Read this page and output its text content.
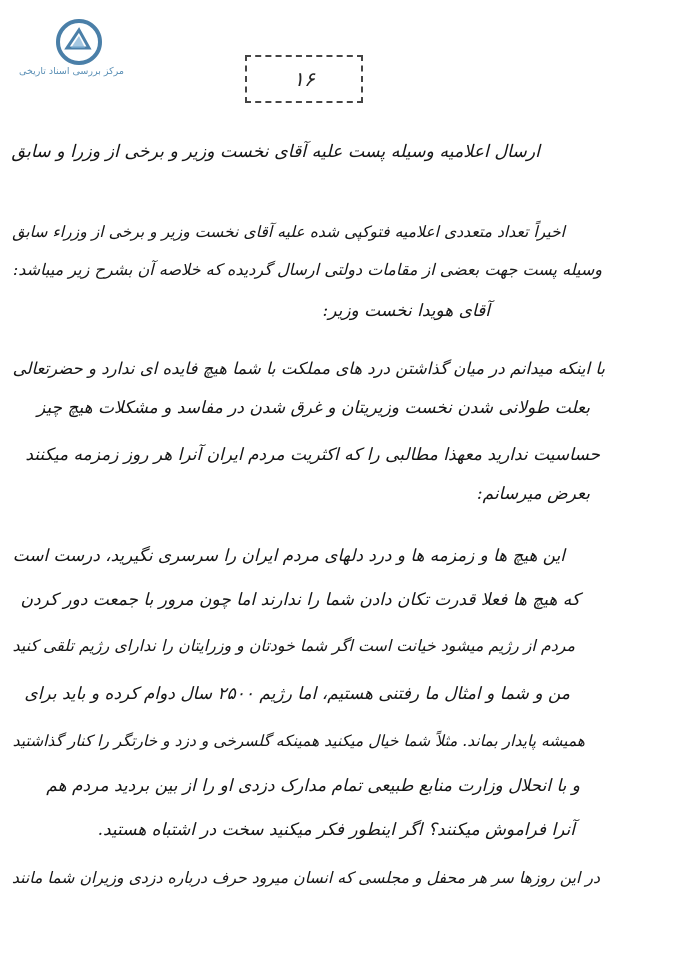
مرکز بررسی اسناد تاریخی	۱۶
ارسال اعلامیه وسیله پست علیه آقای نخست وزیر و برخی از وزرا و سابق
اخیراً تعداد متعددی اعلامیه فتوکپی شده علیه آقای نخست وزیر و برخی از وزراء سابق
وسیله پست جهت بعضی از مقامات دولتی ارسال گردیده که خلاصه آن بشرح زیر میباشد:
آقای هویدا نخست وزیر:
با اینکه میدانم در میان گذاشتن درد های مملکت با شما هیچ فایده ای ندارد و حضرتعالی
بعلت طولانی شدن نخست وزیریتان و غرق شدن در مفاسد و مشکلات هیچ چیز
حساسیت ندارید معهذا مطالبی را که اکثریت مردم ایران آنرا هر روز زمزمه میکنند
بعرض میرسانم:
این هیچ ها و زمزمه ها و درد دلهای مردم ایران را سرسری نگیرید، درست است
که هیچ ها فعلا قدرت تکان دادن شما را ندارند اما چون مرور با جمعت دور کردن
مردم از رژیم میشود خیانت است اگر شما خودتان و وزرایتان را ندارای رژیم تلقی کنید
من و شما و امثال ما رفتنی هستیم، اما رژیم ۲۵۰۰ سال دوام کرده و باید برای
همیشه پایدار بماند. مثلاً شما خیال میکنید همینکه گلسرخی و دزد و خارتگر را کنار گذاشتید
و با انحلال وزارت منابع طبیعی تمام مدارک دزدی او را از بین بردید مردم هم
آنرا فراموش میکنند؟ اگر اینطور فکر میکنید سخت در اشتباه هستید.
در این روزها سر هر محفل و مجلسی که انسان میرود حرف درباره دزدی وزیران شما مانند
